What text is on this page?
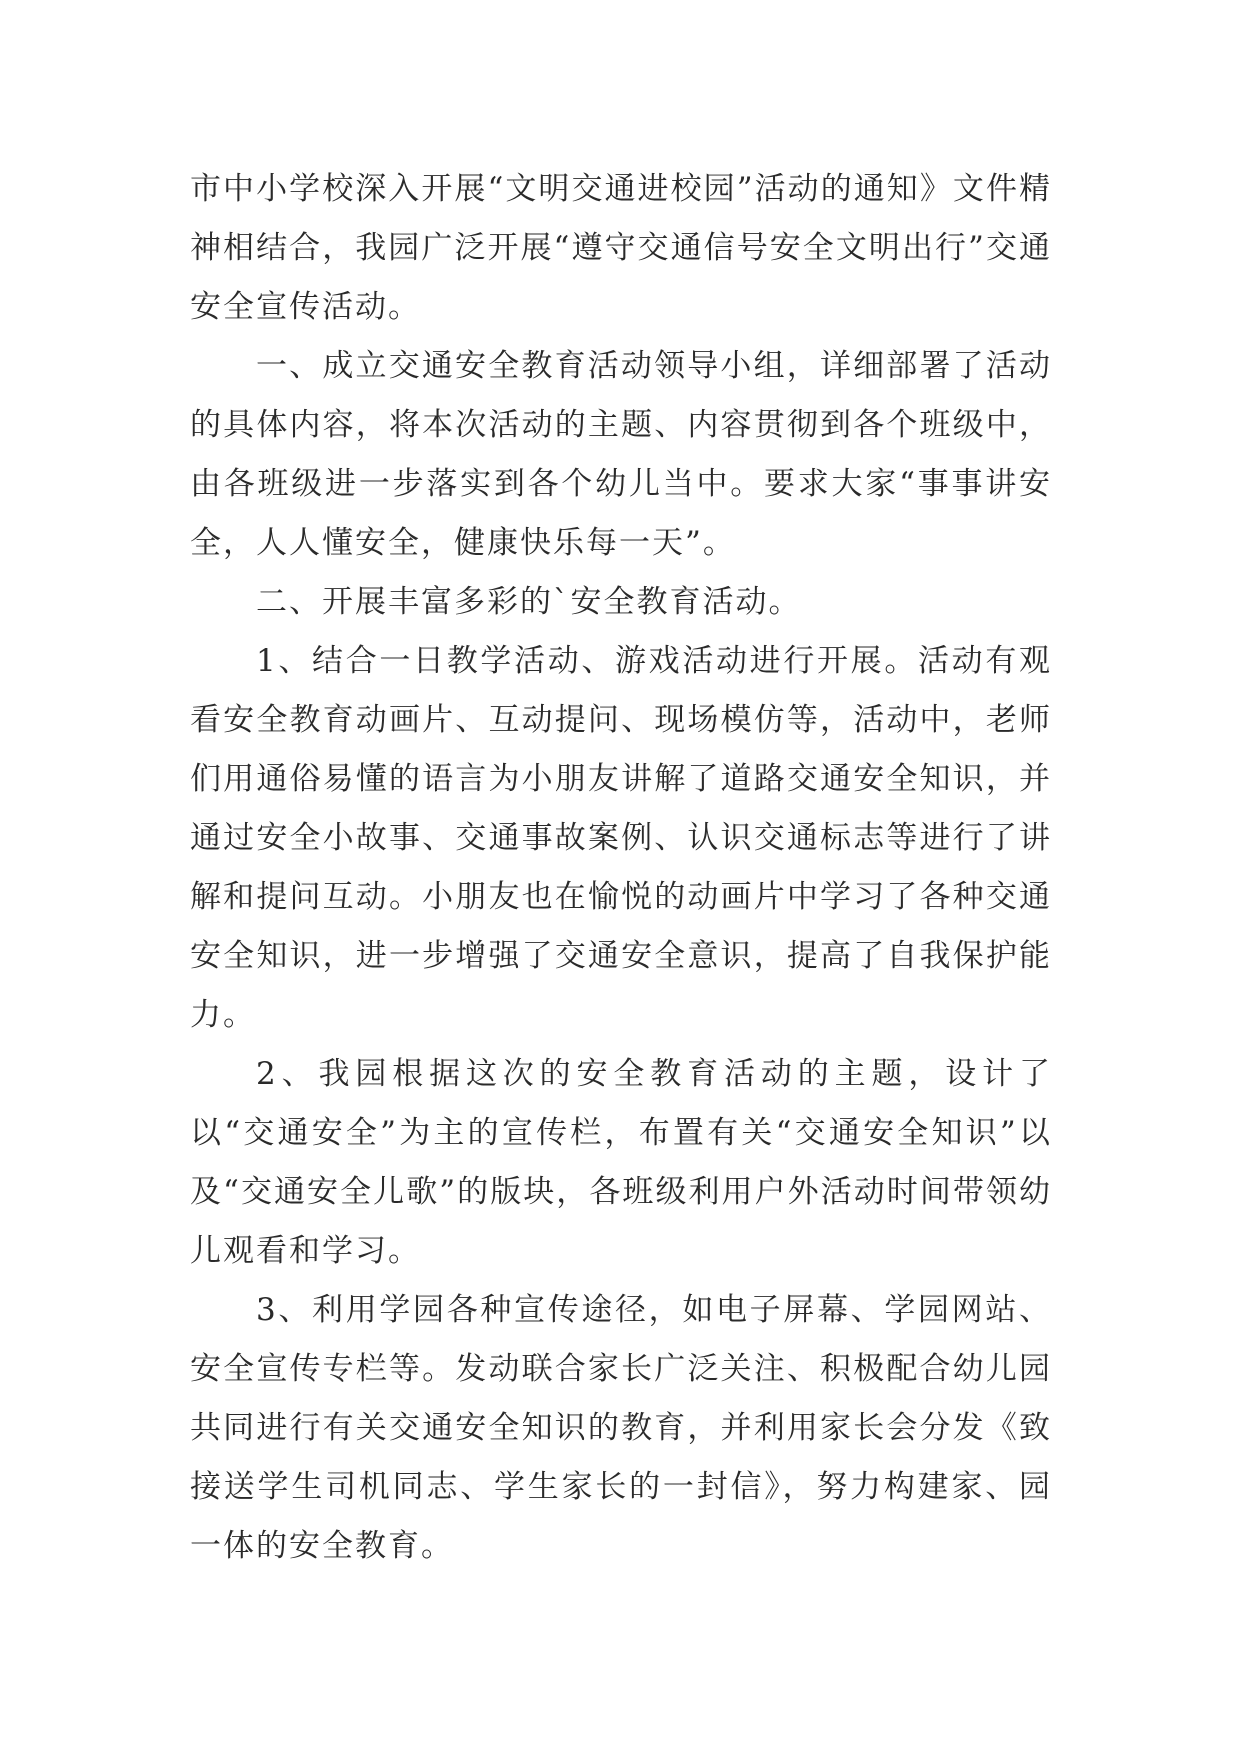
市中小学校深入开展“文明交通进校园”活动的通知》文件精神相结合，我园广泛开展“遵守交通信号安全文明出行”交通安全宣传活动。

一、成立交通安全教育活动领导小组，详细部署了活动的具体内容，将本次活动的主题、内容贯彻到各个班级中，由各班级进一步落实到各个幼儿当中。要求大家“事事讲安全，人人懂安全，健康快乐每一天”。

二、开展丰富多彩的`安全教育活动。

1、结合一日教学活动、游戏活动进行开展。活动有观看安全教育动画片、互动提问、现场模仿等，活动中，老师们用通俗易懂的语言为小朋友讲解了道路交通安全知识，并通过安全小故事、交通事故案例、认识交通标志等进行了讲解和提问互动。小朋友也在愉悦的动画片中学习了各种交通安全知识，进一步增强了交通安全意识，提高了自我保护能力。

2、我园根据这次的安全教育活动的主题，设计了以“交通安全”为主的宣传栏，布置有关“交通安全知识”以及“交通安全儿歌”的版块，各班级利用户外活动时间带领幼儿观看和学习。

3、利用学园各种宣传途径，如电子屏幕、学园网站、安全宣传专栏等。发动联合家长广泛关注、积极配合幼儿园共同进行有关交通安全知识的教育，并利用家长会分发《致接送学生司机同志、学生家长的一封信》，努力构建家、园一体的安全教育。
